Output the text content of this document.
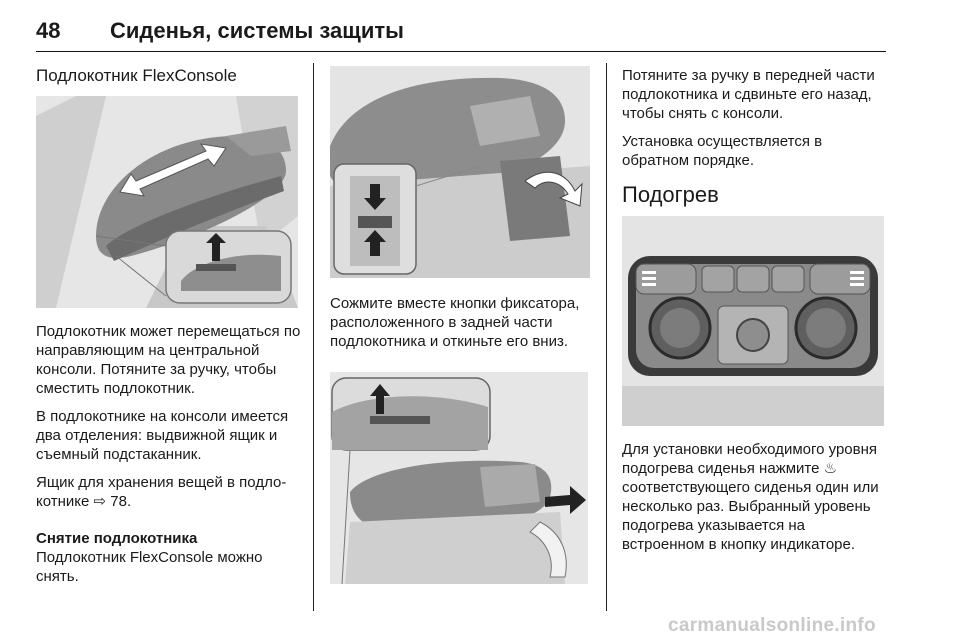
48 Сиденья, системы защиты
Подлокотник FlexConsole

Подлокотник может перемещаться по направляющим на центральной консоли. Потяните за ручку, чтобы сместить подлокотник.

В подлокотнике на консоли имеется два отделения: выдвижной ящик и съемный подстаканник.

Ящик для хранения вещей в подлокотнике ⇨ 78.

Снятие подлокотника

Подлокотник FlexConsole можно снять.

Сожмите вместе кнопки фиксатора, расположенного в задней части подлокотника и откиньте его вниз.

Потяните за ручку в передней части подлокотника и сдвиньте его назад, чтобы снять с консоли.

Установка осуществляется в обратном порядке.

Подогрев

Для установки необходимого уровня подогрева сиденья нажмите ♨ соответствующего сиденья один или несколько раз. Выбранный уровень подогрева указывается на встроенном в кнопку индикаторе.

carmanualsonline.info
